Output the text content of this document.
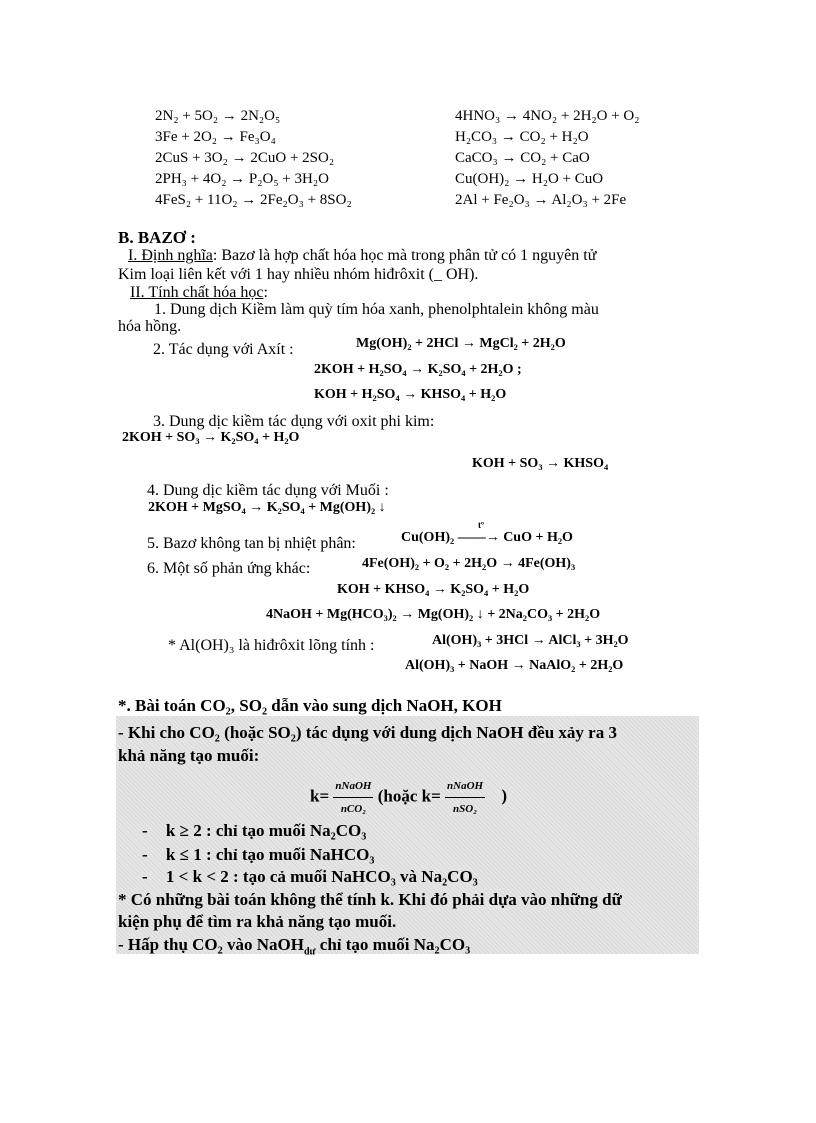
2N₂ + 5O₂ → 2N₂O₅
3Fe + 2O₂ → Fe₃O₄
2CuS + 3O₂ → 2CuO + 2SO₂
2PH₃ + 4O₂ → P₂O₅ + 3H₂O
4FeS₂ + 11O₂ → 2Fe₂O₃ + 8SO₂
4HNO₃ → 4NO₂ + 2H₂O + O₂
H₂CO₃ → CO₂ + H₂O
CaCO₃ → CO₂ + CaO
Cu(OH)₂ → H₂O + CuO
2Al + Fe₂O₃ → Al₂O₃ + 2Fe
B. BAZƠ :
I. Định nghĩa: Bazơ là hợp chất hóa học mà trong phân tử có 1 nguyên tử
Kim loại liên kết với 1 hay nhiều nhóm hiđrôxit (_ OH).
II. Tính chất hóa học:
1. Dung dịch Kiềm làm quỳ tím hóa xanh, phenolphtalein không màu
hóa hồng.
2. Tác dụng với Axít :	Mg(OH)₂ + 2HCl → MgCl₂ + 2H₂O
2KOH + H₂SO₄ → K₂SO₄ + 2H₂O ;
KOH + H₂SO₄ → KHSO₄ + H₂O
3. Dung dịc kiềm tác dụng với oxit phi kim:
2KOH + SO₃ → K₂SO₄ + H₂O
KOH + SO₃ → KHSO₄
4. Dung dịc kiềm tác dụng với Muối :
2KOH + MgSO₄ → K₂SO₄ + Mg(OH)₂ ↓
5. Bazơ không tan bị nhiệt phân:	Cu(OH)₂ ——→ CuO + H₂O
tº
6. Một số phản ứng khác:	4Fe(OH)₂ + O₂ + 2H₂O → 4Fe(OH)₃
KOH + KHSO₄ → K₂SO₄ + H₂O
4NaOH + Mg(HCO₃)₂ → Mg(OH)₂ ↓ + 2Na₂CO₃ + 2H₂O
* Al(OH)₃ là hiđrôxit lõng tính :	Al(OH)₃ + 3HCl → AlCl₃ + 3H₂O
Al(OH)₃ + NaOH → NaAlO₂ + 2H₂O
*. Bài toán CO₂, SO₂ dẫn vào sung dịch NaOH, KOH
- Khi cho CO₂ (hoặc SO₂) tác dụng với dung dịch NaOH đều xảy ra 3
khả năng tạo muối:
$k= \frac{\text{nNaOH}}{\text{nCO₂}}$ (hoặc $k= \frac{\text{nNaOH}}{\text{nSO₂}}$ )
- k ≥ 2 : chỉ tạo muối Na₂CO₃
- k ≤ 1 : chỉ tạo muối NaHCO₃
- 1 < k < 2 : tạo cả muối NaHCO₃ và Na₂CO₃
* Có những bài toán không thể tính k. Khi đó phải dựa vào những dữ
kiện phụ để tìm ra khả năng tạo muối.
- Hấp thụ CO₂ vào NaOH$_{dư}$ chỉ tạo muối Na₂CO₃
